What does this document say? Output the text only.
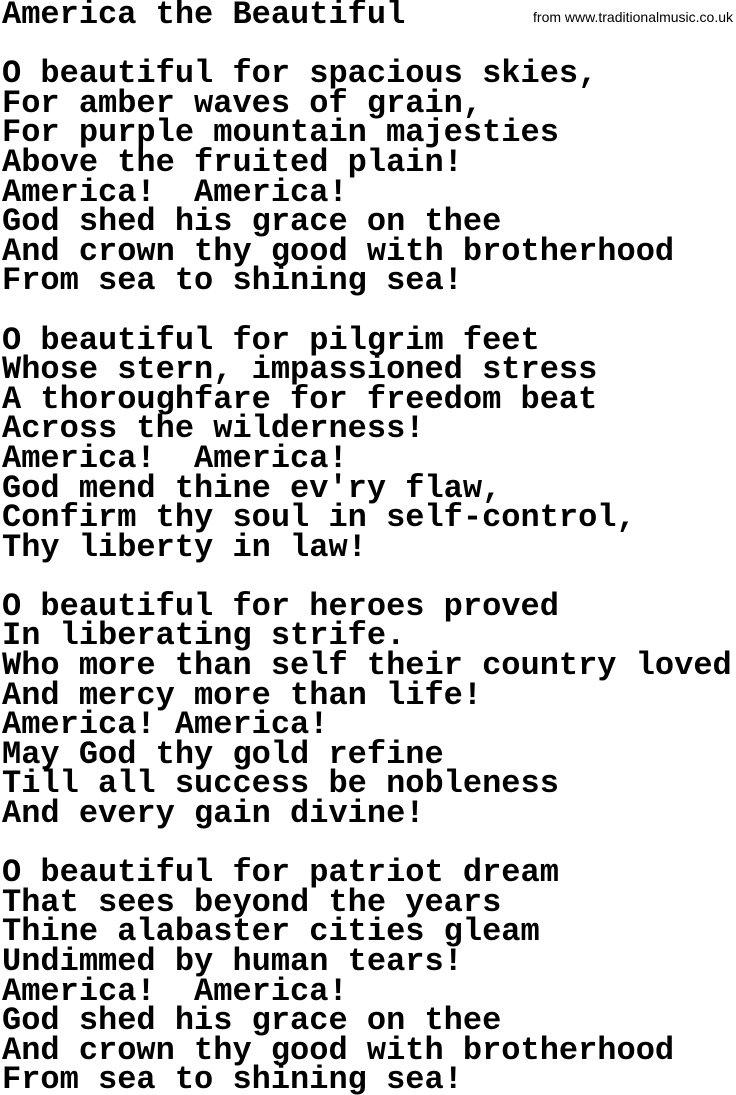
America the Beautiful	from www.traditionalmusic.co.uk
O beautiful for spacious skies,
For amber waves of grain,
For purple mountain majesties
Above the fruited plain!
America!  America!
God shed his grace on thee
And crown thy good with brotherhood
From sea to shining sea!
O beautiful for pilgrim feet
Whose stern, impassioned stress
A thoroughfare for freedom beat
Across the wilderness!
America!  America!
God mend thine ev'ry flaw,
Confirm thy soul in self-control,
Thy liberty in law!
O beautiful for heroes proved
In liberating strife.
Who more than self their country loved
And mercy more than life!
America! America!
May God thy gold refine
Till all success be nobleness
And every gain divine!
O beautiful for patriot dream
That sees beyond the years
Thine alabaster cities gleam
Undimmed by human tears!
America!  America!
God shed his grace on thee
And crown thy good with brotherhood
From sea to shining sea!
